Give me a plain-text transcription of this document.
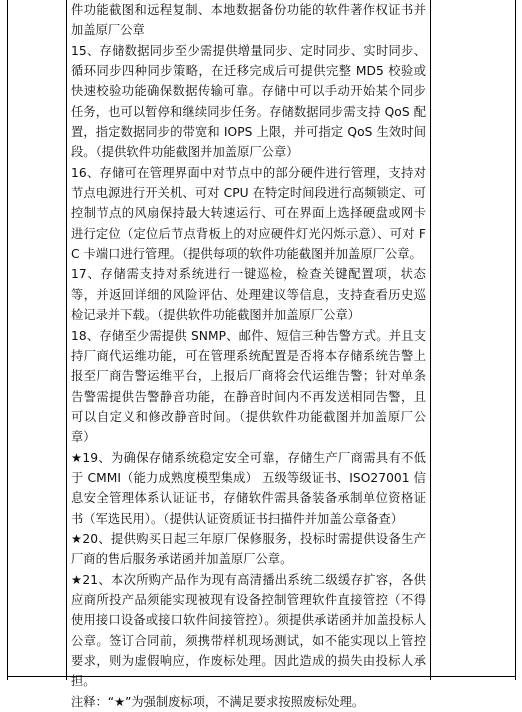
件功能截图和远程复制、本地数据备份功能的软件著作权证书并加盖原厂公章

15、存储数据同步至少需提供增量同步、定时同步、实时同步、循环同步四种同步策略，在迁移完成后可提供完整 MD5 校验或快速校验功能确保数据传输可靠。存储中可以手动开始某个同步任务，也可以暂停和继续同步任务。存储数据同步需支持 QoS 配置，指定数据同步的带宽和 IOPS 上限，并可指定 QoS 生效时间段。（提供软件功能截图并加盖原厂公章）

16、存储可在管理界面中对节点中的部分硬件进行管理，支持对节点电源进行开关机、可对 CPU 在特定时间段进行高频锁定、可控制节点的风扇保持最大转速运行、可在界面上选择硬盘或网卡进行定位（定位后节点背板上的对应硬件灯光闪烁示意）、可对 FC 卡端口进行管理。（提供每项的软件功能截图并加盖原厂公章。

17、存储需支持对系统进行一键巡检，检查关键配置项，状态等，并返回详细的风险评估、处理建议等信息，支持查看历史巡检记录并下载。（提供软件功能截图并加盖原厂公章）

18、存储至少需提供 SNMP、邮件、短信三种告警方式。并且支持厂商代运维功能，可在管理系统配置是否将本存储系统告警上报至厂商告警运维平台，上报后厂商将会代运维告警；针对单条告警需提供告警静音功能，在静音时间内不再发送相同告警，且可以自定义和修改静音时间。（提供软件功能截图并加盖原厂公章）

★19、为确保存储系统稳定安全可靠，存储生产厂商需具有不低于 CMMI（能力成熟度模型集成） 五级等级证书、ISO27001 信息安全管理体系认证证书，存储软件需具备装备承制单位资格证书（军选民用）。（提供认证资质证书扫描件并加盖公章备查）

★20、提供购买日起三年原厂保修服务，投标时需提供设备生产厂商的售后服务承诺函并加盖原厂公章。

★21、本次所购产品作为现有高清播出系统二级缓存扩容，各供应商所投产品须能实现被现有设备控制管理软件直接管控（不得使用接口设备或接口软件间接管控）。须提供承诺函并加盖投标人公章。签订合同前，须携带样机现场测试，如不能实现以上管控要求，则为虚假响应，作废标处理。因此造成的损失由投标人承担。

注释：“★”为强制废标项，不满足要求按照废标处理。
